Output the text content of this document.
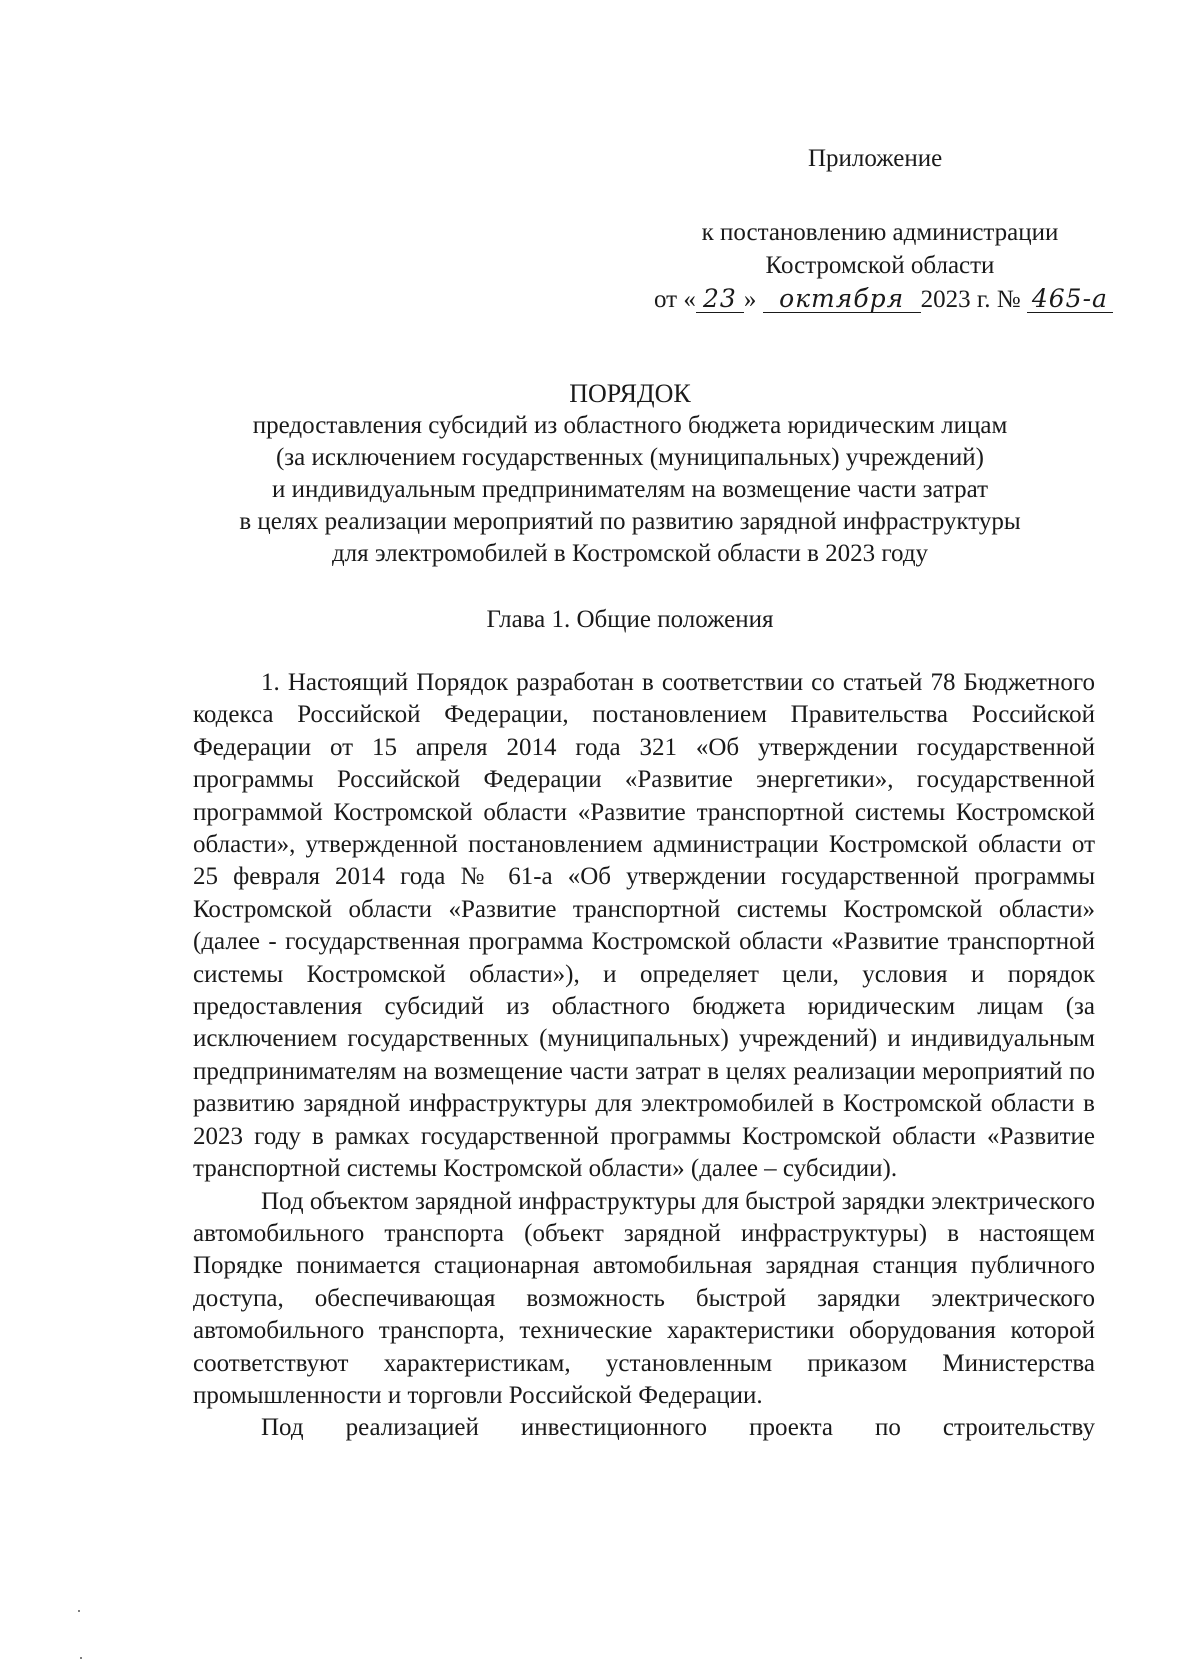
Приложение
к постановлению администрации
Костромской области
от « 23 » октября 2023 г. № 465-а
ПОРЯДОК
предоставления субсидий из областного бюджета юридическим лицам
(за исключением государственных (муниципальных) учреждений)
и индивидуальным предпринимателям на возмещение части затрат
в целях реализации мероприятий по развитию зарядной инфраструктуры
для электромобилей в Костромской области в 2023 году
Глава 1. Общие положения

1. Настоящий Порядок разработан в соответствии со статьей 78 Бюджетного кодекса Российской Федерации, постановлением Правительства Российской Федерации от 15 апреля 2014 года 321 «Об утверждении государственной программы Российской Федерации «Развитие энергетики», государственной программой Костромской области «Развитие транспортной системы Костромской области», утвержденной постановлением администрации Костромской области от 25 февраля 2014 года № 61-а «Об утверждении государственной программы Костромской области «Развитие транспортной системы Костромской области» (далее - государственная программа Костромской области «Развитие транспортной системы Костромской области»), и определяет цели, условия и порядок предоставления субсидий из областного бюджета юридическим лицам (за исключением государственных (муниципальных) учреждений) и индивидуальным предпринимателям на возмещение части затрат в целях реализации мероприятий по развитию зарядной инфраструктуры для электромобилей в Костромской области в 2023 году в рамках государственной программы Костромской области «Развитие транспортной системы Костромской области» (далее – субсидии).

Под объектом зарядной инфраструктуры для быстрой зарядки электрического автомобильного транспорта (объект зарядной инфраструктуры) в настоящем Порядке понимается стационарная автомобильная зарядная станция публичного доступа, обеспечивающая возможность быстрой зарядки электрического автомобильного транспорта, технические характеристики оборудования которой соответствуют характеристикам, установленным приказом Министерства промышленности и торговли Российской Федерации.

Под реализацией инвестиционного проекта по строительству
